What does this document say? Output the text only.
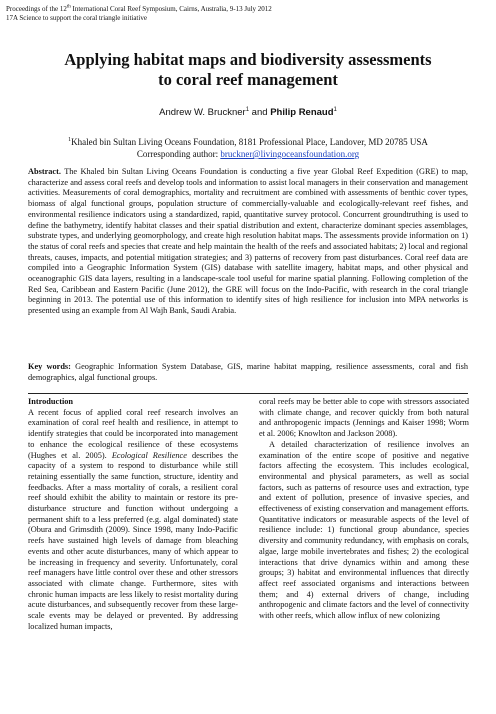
Proceedings of the 12th International Coral Reef Symposium, Cairns, Australia, 9-13 July 2012
17A Science to support the coral triangle initiative
Applying habitat maps and biodiversity assessments
to coral reef management
Andrew W. Bruckner$^1$ and Philip Renaud$^1$
$^1$Khaled bin Sultan Living Oceans Foundation, 8181 Professional Place, Landover, MD 20785 USA
Corresponding author: bruckner@livingoceansfoundation.org
Abstract. The Khaled bin Sultan Living Oceans Foundation is conducting a five year Global Reef Expedition (GRE) to map, characterize and assess coral reefs and develop tools and information to assist local managers in their conservation and management activities. Measurements of coral demographics, mortality and recruitment are combined with assessments of benthic cover types, biomass of algal functional groups, population structure of commercially-valuable and ecologically-relevant reef fishes, and environmental resilience indicators using a standardized, rapid, quantitative survey protocol. Concurrent groundtruthing is used to define the bathymetry, identify habitat classes and their spatial distribution and extent, characterize dominant species assemblages, substrate types, and underlying geomorphology, and create high resolution habitat maps. The assessments provide information on 1) the status of coral reefs and species that create and help maintain the health of the reefs and associated habitats; 2) local and regional threats, causes, impacts, and potential mitigation strategies; and 3) patterns of recovery from past disturbances. Coral reef data are compiled into a Geographic Information System (GIS) database with satellite imagery, habitat maps, and other physical and oceanographic GIS data layers, resulting in a landscape-scale tool useful for marine spatial planning. Following completion of the Red Sea, Caribbean and Eastern Pacific (June 2012), the GRE will focus on the Indo-Pacific, with research in the coral triangle beginning in 2013. The potential use of this information to identify sites of high resilience for inclusion into MPA networks is presented using an example from Al Wajh Bank, Saudi Arabia.
Key words: Geographic Information System Database, GIS, marine habitat mapping, resilience assessments, coral and fish demographics, algal functional groups.

Introduction

A recent focus of applied coral reef research involves an examination of coral reef health and resilience, in attempt to identify strategies that could be incorporated into management to enhance the ecological resilience of these ecosystems (Hughes et al. 2005). Ecological Resilience describes the capacity of a system to respond to disturbance while still retaining essentially the same function, structure, identity and feedbacks. After a mass mortality of corals, a resilient coral reef should exhibit the ability to maintain or restore its pre-disturbance structure and function without undergoing a permanent shift to a less preferred (e.g. algal dominated) state (Obura and Grimsdith (2009). Since 1998, many Indo-Pacific reefs have sustained high levels of damage from bleaching events and other acute disturbances, many of which appear to be increasing in frequency and severity. Unfortunately, coral reef managers have little control over these and other stressors associated with climate change. Furthermore, sites with chronic human impacts are less likely to resist mortality during acute disturbances, and subsequently recover from these large-scale events may be delayed or prevented. By addressing localized human impacts,

coral reefs may be better able to cope with stressors associated with climate change, and recover quickly from both natural and anthropogenic impacts (Jennings and Kaiser 1998; Worm et al. 2006; Knowlton and Jackson 2008).

A detailed characterization of resilience involves an examination of the entire scope of positive and negative factors affecting the ecosystem. This includes ecological, environmental and physical parameters, as well as social factors, such as patterns of resource uses and extraction, type and extent of pollution, presence of invasive species, and effectiveness of existing conservation and management efforts. Quantitative indicators or measurable aspects of the level of resilience include: 1) functional group abundance, species diversity and community redundancy, with emphasis on corals, algae, large mobile invertebrates and fishes; 2) the ecological interactions that drive dynamics within and among these groups; 3) habitat and environmental influences that directly affect reef associated organisms and interactions between them; and 4) external drivers of change, including anthropogenic and climate factors and the level of connectivity with other reefs, which allow influx of new colonizing
